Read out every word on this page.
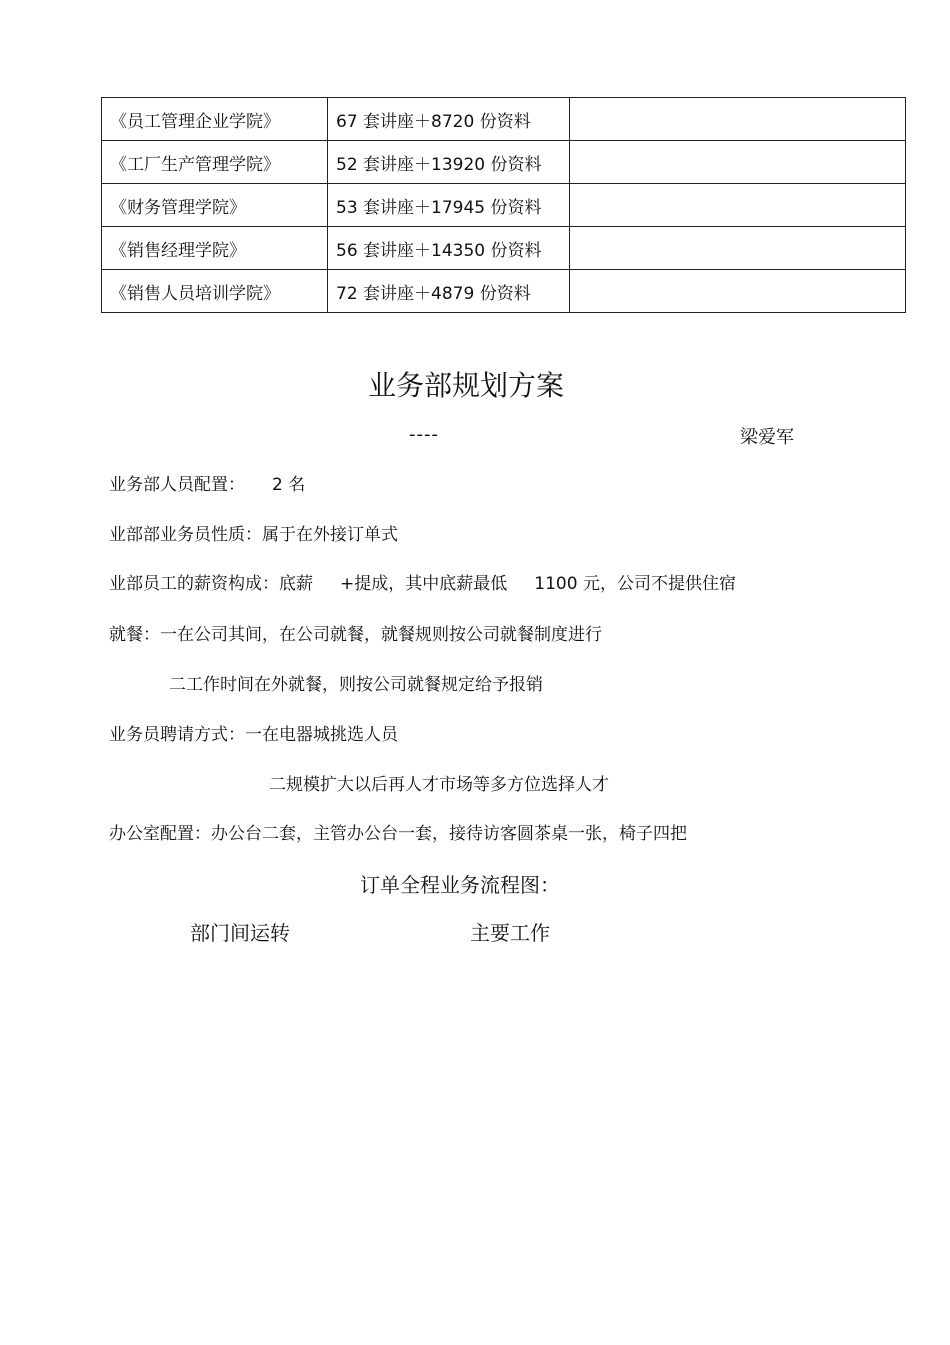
《员工管理企业学院》	67 套讲座＋8720 份资料	
《工厂生产管理学院》	52 套讲座＋13920 份资料	
《财务管理学院》	53 套讲座＋17945 份资料	
《销售经理学院》	56 套讲座＋14350 份资料	
《销售人员培训学院》	72 套讲座＋4879 份资料	
业务部规划方案
----	梁爱军
业务部人员配置：     2 名
业部部业务员性质：属于在外接订单式
业部员工的薪资构成：底薪     +提成，其中底薪最低     1100 元，公司不提供住宿
就餐：一在公司其间，在公司就餐，就餐规则按公司就餐制度进行
二工作时间在外就餐，则按公司就餐规定给予报销
业务员聘请方式：一在电器城挑选人员
二规模扩大以后再人才市场等多方位选择人才
办公室配置：办公台二套，主管办公台一套，接待访客圆茶桌一张，椅子四把
订单全程业务流程图：
部门间运转	主要工作
